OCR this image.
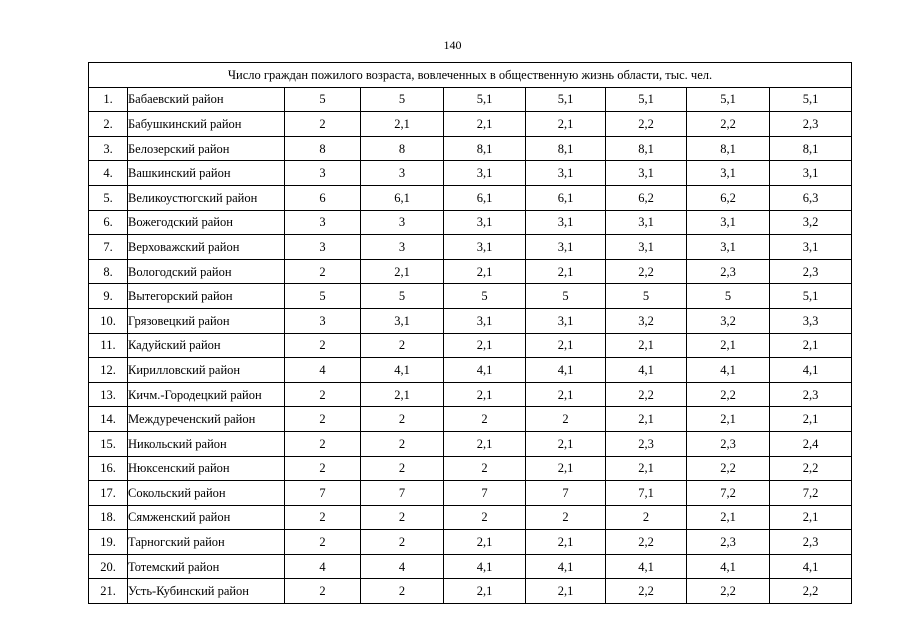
140
Число граждан пожилого возраста, вовлеченных в общественную жизнь области, тыс. чел.								
1.	Бабаевский район	5	5	5,1	5,1	5,1	5,1	5,1
2.	Бабушкинский район	2	2,1	2,1	2,1	2,2	2,2	2,3
3.	Белозерский район	8	8	8,1	8,1	8,1	8,1	8,1
4.	Вашкинский район	3	3	3,1	3,1	3,1	3,1	3,1
5.	Великоустюгский район	6	6,1	6,1	6,1	6,2	6,2	6,3
6.	Вожегодский район	3	3	3,1	3,1	3,1	3,1	3,2
7.	Верховажский район	3	3	3,1	3,1	3,1	3,1	3,1
8.	Вологодский район	2	2,1	2,1	2,1	2,2	2,3	2,3
9.	Вытегорский район	5	5	5	5	5	5	5,1
10.	Грязовецкий район	3	3,1	3,1	3,1	3,2	3,2	3,3
11.	Кадуйский район	2	2	2,1	2,1	2,1	2,1	2,1
12.	Кирилловский район	4	4,1	4,1	4,1	4,1	4,1	4,1
13.	Кичм.-Городецкий район	2	2,1	2,1	2,1	2,2	2,2	2,3
14.	Междуреченский район	2	2	2	2	2,1	2,1	2,1
15.	Никольский район	2	2	2,1	2,1	2,3	2,3	2,4
16.	Нюксенский район	2	2	2	2,1	2,1	2,2	2,2
17.	Сокольский район	7	7	7	7	7,1	7,2	7,2
18.	Сямженский район	2	2	2	2	2	2,1	2,1
19.	Тарногский район	2	2	2,1	2,1	2,2	2,3	2,3
20.	Тотемский район	4	4	4,1	4,1	4,1	4,1	4,1
21.	Усть-Кубинский район	2	2	2,1	2,1	2,2	2,2	2,2
